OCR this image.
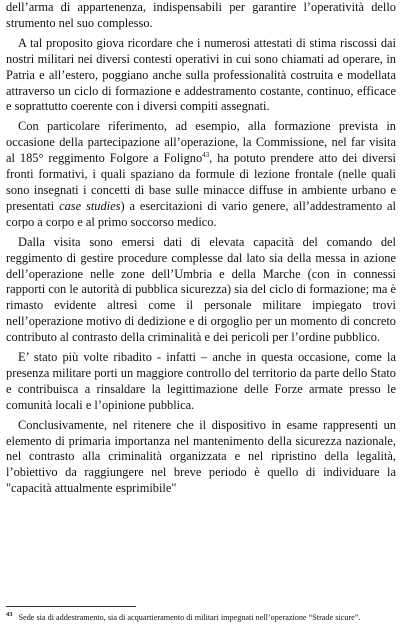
dell’arma di appartenenza, indispensabili per garantire l’operatività dello strumento nel suo complesso.

A tal proposito giova ricordare che i numerosi attestati di stima riscossi dai nostri militari nei diversi contesti operativi in cui sono chiamati ad operare, in Patria e all’estero, poggiano anche sulla professionalità costruita e modellata attraverso un ciclo di formazione e addestramento costante, continuo, efficace e soprattutto coerente con i diversi compiti assegnati.

Con particolare riferimento, ad esempio, alla formazione prevista in occasione della partecipazione all’operazione, la Commissione, nel far visita al 185° reggimento Folgore a Foligno$^{43}$, ha potuto prendere atto dei diversi fronti formativi, i quali spaziano da formule di lezione frontale (nelle quali sono insegnati i concetti di base sulle minacce diffuse in ambiente urbano e presentati case studies) a esercitazioni di vario genere, all’addestramento al corpo a corpo e al primo soccorso medico.

Dalla visita sono emersi dati di elevata capacità del comando del reggimento di gestire procedure complesse dal lato sia della messa in azione dell’operazione nelle zone dell’Umbria e della Marche (con in connessi rapporti con le autorità di pubblica sicurezza) sia del ciclo di formazione; ma è rimasto evidente altresì come il personale militare impiegato trovi nell’operazione motivo di dedizione e di orgoglio per un momento di concreto contributo al contrasto della criminalità e dei pericoli per l’ordine pubblico.

E’ stato più volte ribadito - infatti – anche in questa occasione, come la presenza militare porti un maggiore controllo del territorio da parte dello Stato e contribuisca a rinsaldare la legittimazione delle Forze armate presso le comunità locali e l’opinione pubblica.

Conclusivamente, nel ritenere che il dispositivo in esame rappresenti un elemento di primaria importanza nel mantenimento della sicurezza nazionale, nel contrasto alla criminalità organizzata e nel ripristino della legalità, l’obiettivo da raggiungere nel breve periodo è quello di individuare la "capacità attualmente esprimibile"

$^{43}$ Sede sia di addestramento, sia di acquartieramento di militari impegnati nell’operazione “Strade sicure”.
